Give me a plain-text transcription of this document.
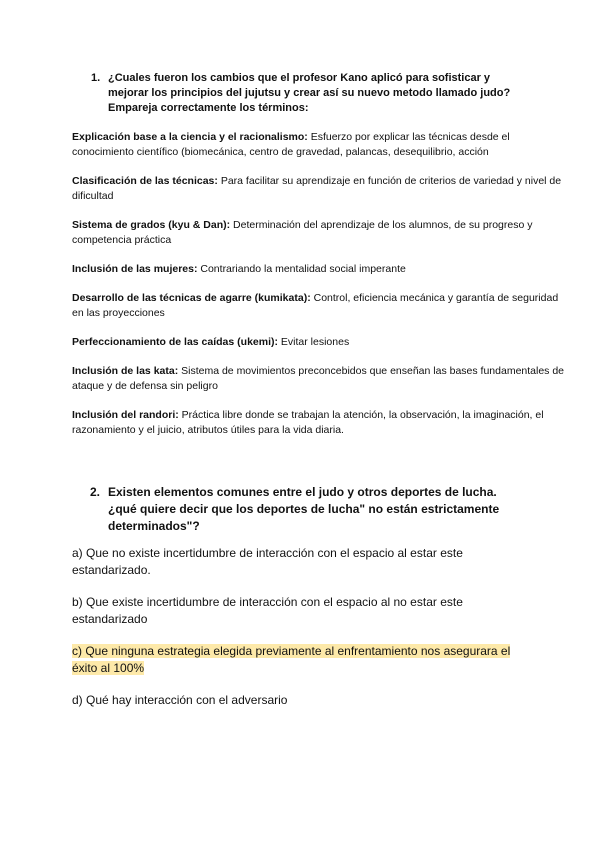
1. ¿Cuales fueron los cambios que el profesor Kano aplicó para sofisticar y mejorar los principios del jujutsu y crear así su nuevo metodo llamado judo? Empareja correctamente los términos:

Explicación base a la ciencia y el racionalismo: Esfuerzo por explicar las técnicas desde el conocimiento científico (biomecánica, centro de gravedad, palancas, desequilibrio, acción

Clasificación de las técnicas: Para facilitar su aprendizaje en función de criterios de variedad y nivel de dificultad

Sistema de grados (kyu & Dan): Determinación del aprendizaje de los alumnos, de su progreso y competencia práctica

Inclusión de las mujeres: Contrariando la mentalidad social imperante

Desarrollo de las técnicas de agarre (kumikata): Control, eficiencia mecánica y garantía de seguridad en las proyecciones

Perfeccionamiento de las caídas (ukemi): Evitar lesiones

Inclusión de las kata: Sistema de movimientos preconcebidos que enseñan las bases fundamentales de ataque y de defensa sin peligro

Inclusión del randori: Práctica libre donde se trabajan la atención, la observación, la imaginación, el razonamiento y el juicio, atributos útiles para la vida diaria.

2. Existen elementos comunes entre el judo y otros deportes de lucha. ¿qué quiere decir que los deportes de lucha" no están estrictamente determinados"?

a) Que no existe incertidumbre de interacción con el espacio al estar este estandarizado.

b) Que existe incertidumbre de interacción con el espacio al no estar este estandarizado

c) Que ninguna estrategia elegida previamente al enfrentamiento nos asegurara el éxito al 100%

d) Qué hay interacción con el adversario
